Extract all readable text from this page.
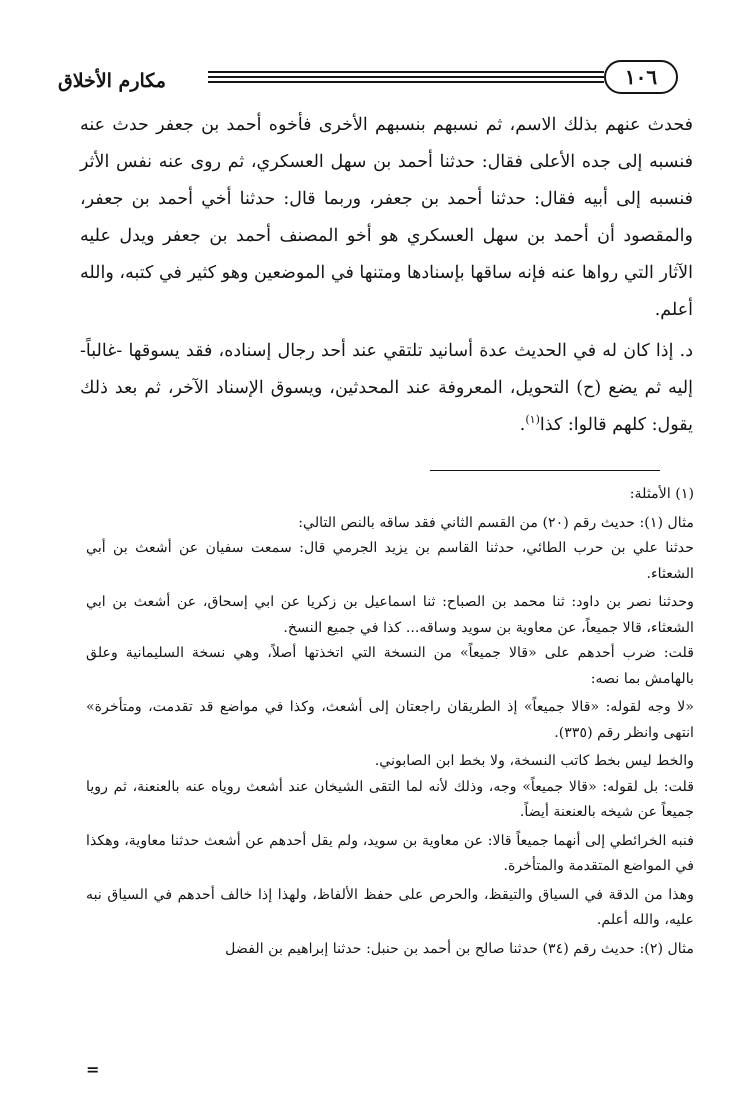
مكارم الأخلاق	١٠٦

فحدث عنهم بذلك الاسم، ثم نسبهم بنسبهم الأخرى فأخوه أحمد بن جعفر حدث عنه فنسبه إلى جده الأعلى فقال: حدثنا أحمد بن سهل العسكري، ثم روى عنه نفس الأثر فنسبه إلى أبيه فقال: حدثنا أحمد بن جعفر، وربما قال: حدثنا أخي أحمد بن جعفر، والمقصود أن أحمد بن سهل العسكري هو أخو المصنف أحمد بن جعفر ويدل عليه الآثار التي رواها عنه فإنه ساقها بإسنادها ومتنها في الموضعين وهو كثير في كتبه، والله أعلم.

د. إذا كان له في الحديث عدة أسانيد تلتقي عند أحد رجال إسناده، فقد يسوقها -غالباً- إليه ثم يضع (ح) التحويل، المعروفة عند المحدثين، ويسوق الإسناد الآخر، ثم بعد ذلك يقول: كلهم قالوا: كذا$^{(١)}$.

(١) الأمثلة:

مثال (١): حديث رقم (٢٠) من القسم الثاني فقد ساقه بالنص التالي:

حدثنا علي بن حرب الطائي، حدثنا القاسم بن يزيد الجرمي قال: سمعت سفيان عن أشعث بن أبي الشعثاء.

وحدثنا نصر بن داود: ثنا محمد بن الصباح: ثنا اسماعيل بن زكريا عن ابي إسحاق، عن أشعث بن ابي الشعثاء، قالا جميعاً، عن معاوية بن سويد وساقه... كذا في جميع النسخ.

قلت: ضرب أحدهم على «قالا جميعاً» من النسخة التي اتخذتها أصلاً، وهي نسخة السليمانية وعلق بالهامش بما نصه:

«لا وجه لقوله: «قالا جميعاً» إذ الطريقان راجعتان إلى أشعث، وكذا في مواضع قد تقدمت، ومتأخرة» انتهى وانظر رقم (٣٣٥).

والخط ليس بخط كاتب النسخة، ولا بخط ابن الصابوني.

قلت: بل لقوله: «قالا جميعاً» وجه، وذلك لأنه لما التقى الشيخان عند أشعث روياه عنه بالعنعنة، ثم رويا جميعاً عن شيخه بالعنعنة أيضاً.

فنبه الخرائطي إلى أنهما جميعاً قالا: عن معاوية بن سويد، ولم يقل أحدهم عن أشعث حدثنا معاوية، وهكذا في المواضع المتقدمة والمتأخرة.

وهذا من الدقة في السياق والتيقظ، والحرص على حفظ الألفاظ، ولهذا إذا خالف أحدهم في السياق نبه عليه، والله أعلم.

مثال (٢): حديث رقم (٣٤) حدثنا صالح بن أحمد بن حنبل: حدثنا إبراهيم بن الفضل

=
